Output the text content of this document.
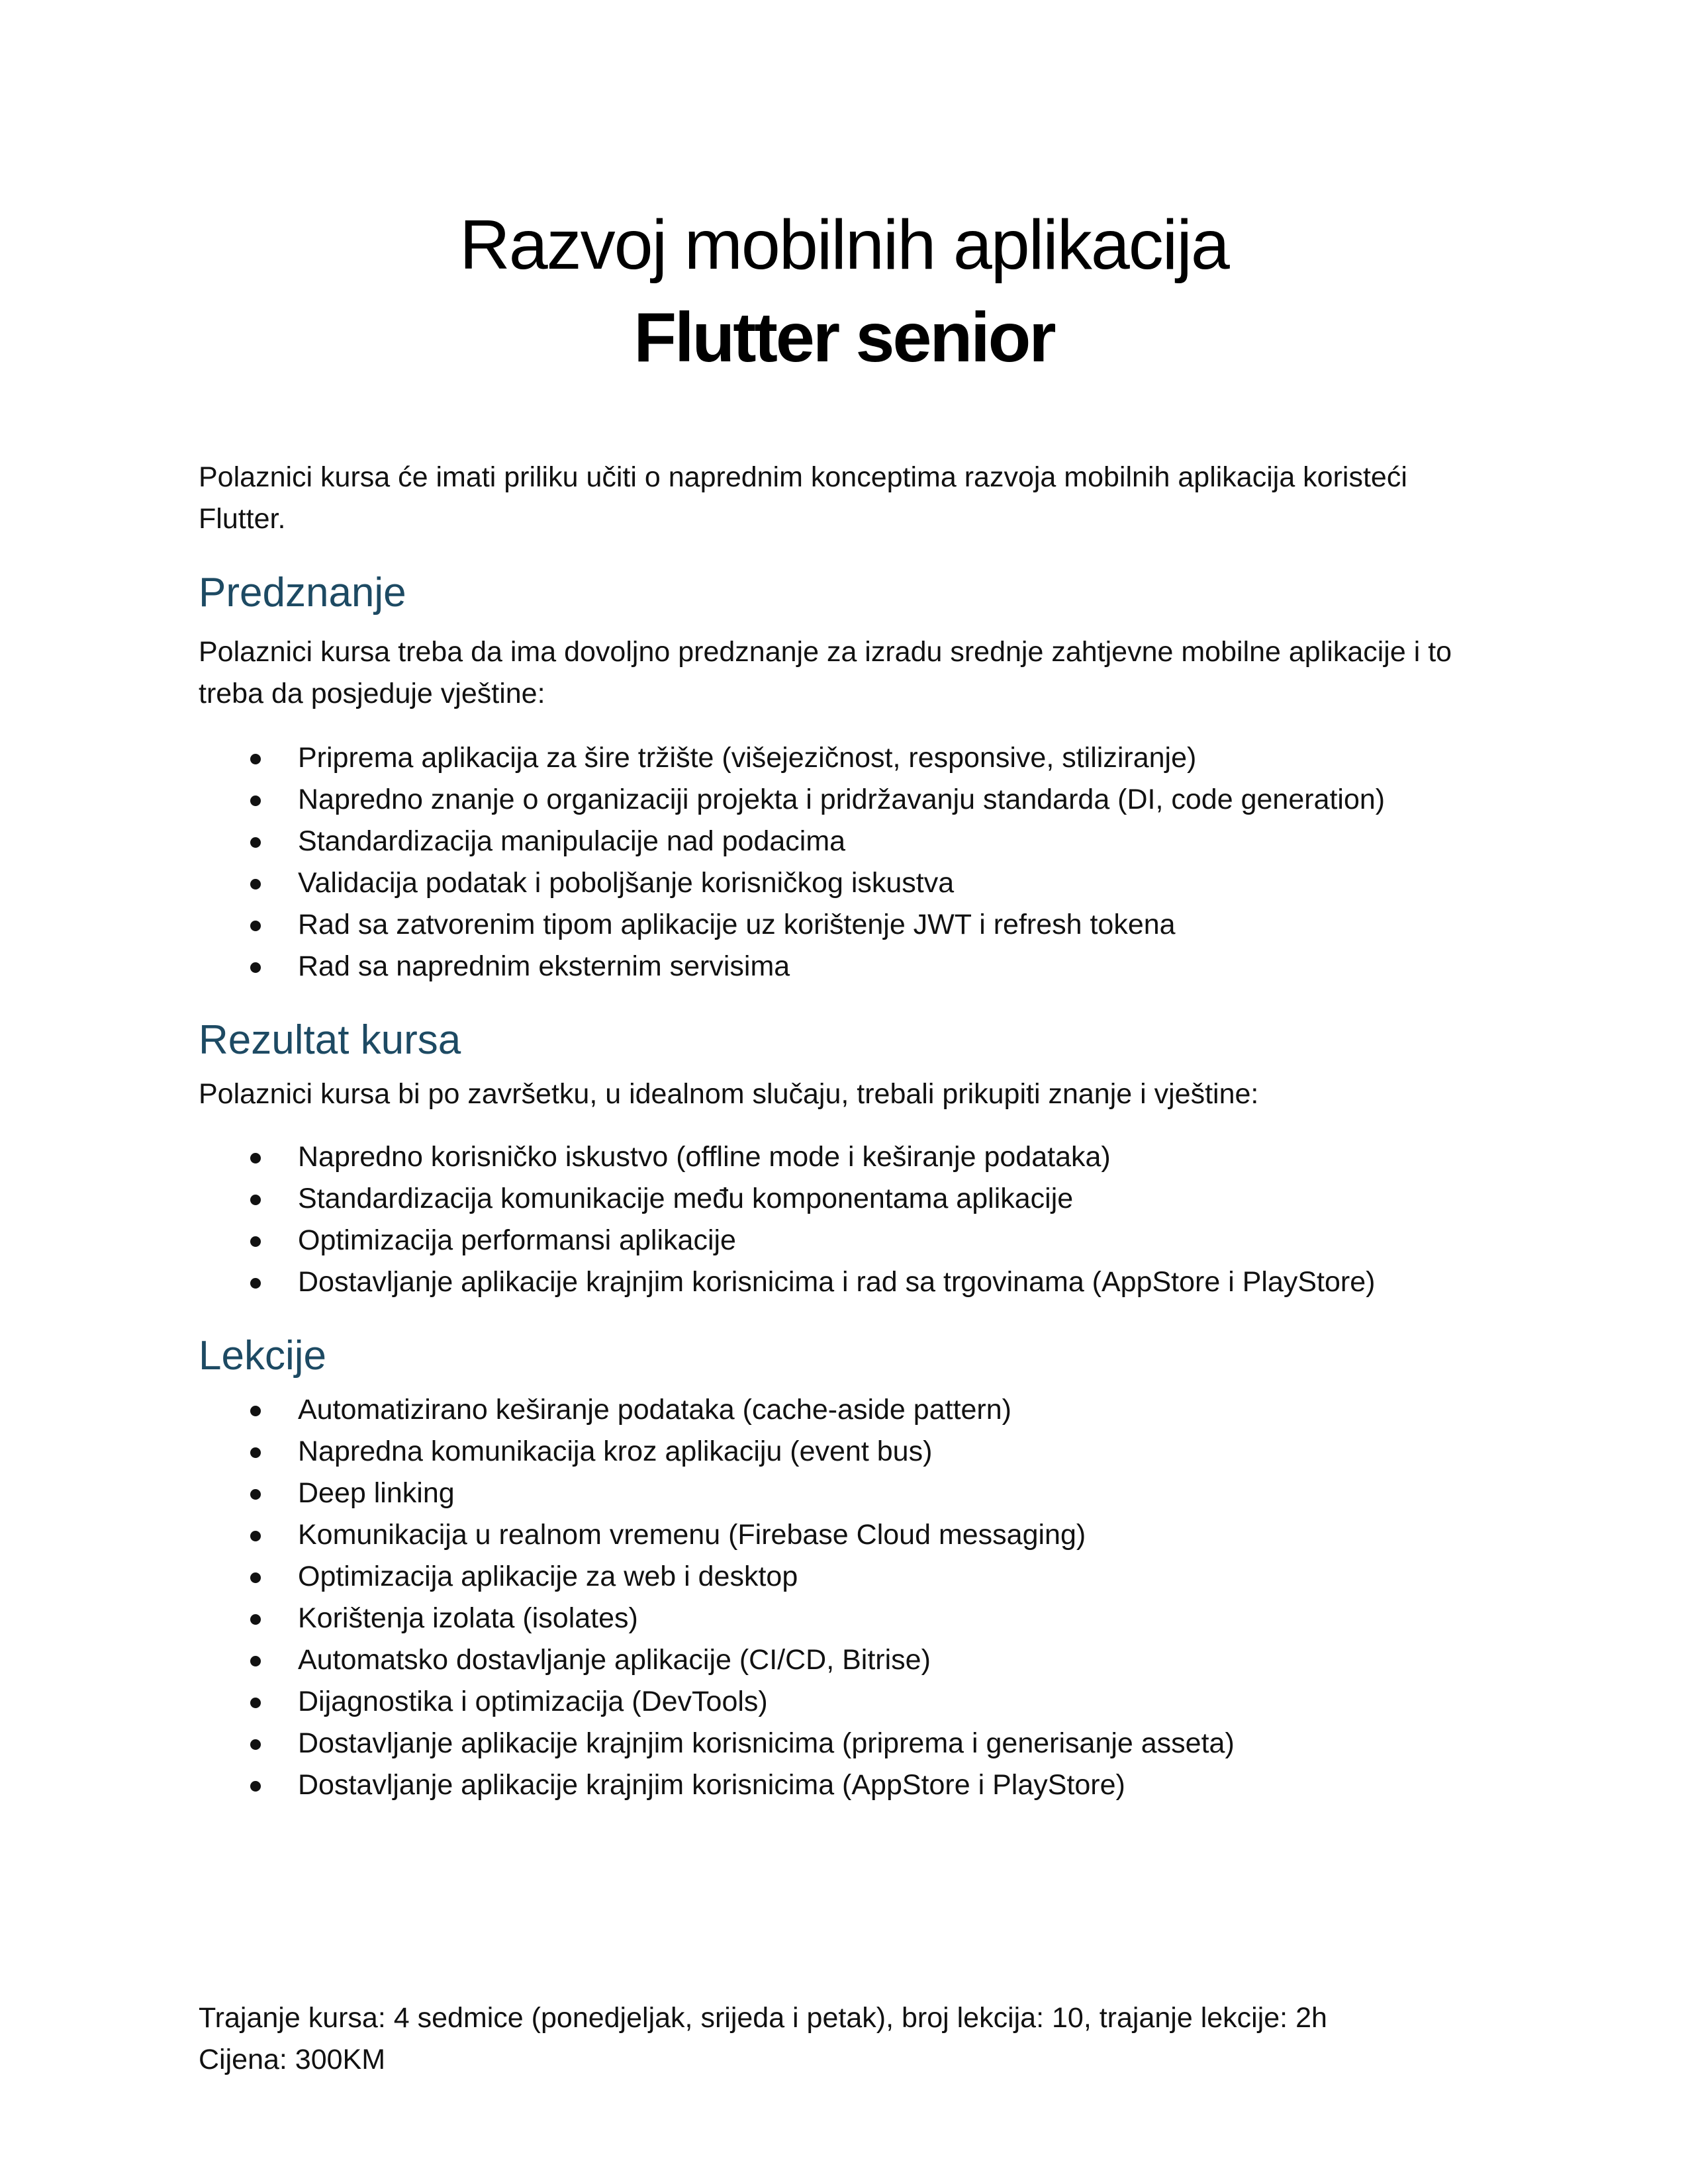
Razvoj mobilnih aplikacija
Flutter senior

Polaznici kursa će imati priliku učiti o naprednim konceptima razvoja mobilnih aplikacija koristeći Flutter.

Predznanje

Polaznici kursa treba da ima dovoljno predznanje za izradu srednje zahtjevne mobilne aplikacije i to treba da posjeduje vještine:

Priprema aplikacija za šire tržište (višejezičnost, responsive, stiliziranje)
Napredno znanje o organizaciji projekta i pridržavanju standarda (DI, code generation)
Standardizacija manipulacije nad podacima
Validacija podatak i poboljšanje korisničkog iskustva
Rad sa zatvorenim tipom aplikacije uz korištenje JWT i refresh tokena
Rad sa naprednim eksternim servisima
Rezultat kursa

Polaznici kursa bi po završetku, u idealnom slučaju, trebali prikupiti znanje i vještine:

Napredno korisničko iskustvo (offline mode i keširanje podataka)
Standardizacija komunikacije među komponentama aplikacije
Optimizacija performansi aplikacije
Dostavljanje aplikacije krajnjim korisnicima i rad sa trgovinama (AppStore i PlayStore)
Lekcije
Automatizirano keširanje podataka (cache-aside pattern)
Napredna komunikacija kroz aplikaciju (event bus)
Deep linking
Komunikacija u realnom vremenu (Firebase Cloud messaging)
Optimizacija aplikacije za web i desktop
Korištenja izolata (isolates)
Automatsko dostavljanje aplikacije (CI/CD, Bitrise)
Dijagnostika i optimizacija (DevTools)
Dostavljanje aplikacije krajnjim korisnicima (priprema i generisanje asseta)
Dostavljanje aplikacije krajnjim korisnicima (AppStore i PlayStore)

Trajanje kursa: 4 sedmice (ponedjeljak, srijeda i petak), broj lekcija: 10, trajanje lekcije: 2h

Cijena: 300KM
